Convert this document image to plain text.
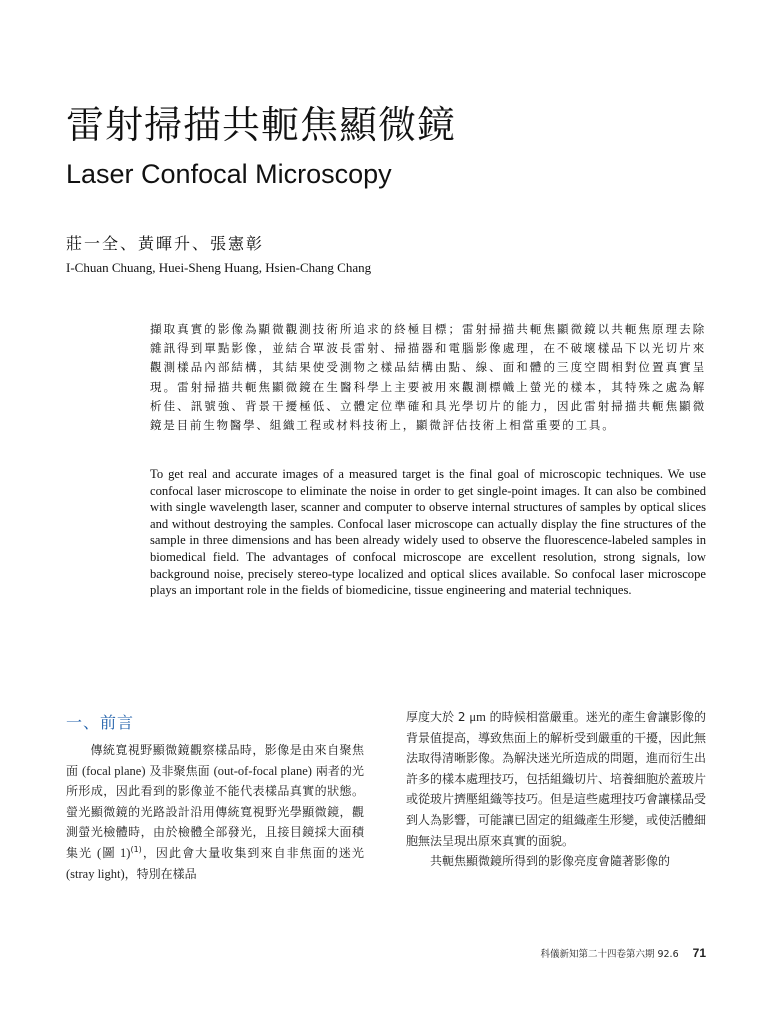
雷射掃描共軛焦顯微鏡
Laser Confocal Microscopy
莊一全、黃暉升、張憲彰
I-Chuan Chuang, Huei-Sheng Huang, Hsien-Chang Chang

擷取真實的影像為顯微觀測技術所追求的終極目標；雷射掃描共軛焦顯微鏡以共軛焦原理去除雜訊得到單點影像，並結合單波長雷射、掃描器和電腦影像處理，在不破壞樣品下以光切片來觀測樣品內部結構，其結果使受測物之樣品結構由點、線、面和體的三度空間相對位置真實呈現。雷射掃描共軛焦顯微鏡在生醫科學上主要被用來觀測標幟上螢光的樣本，其特殊之處為解析佳、訊號強、背景干擾極低、立體定位準確和具光學切片的能力，因此雷射掃描共軛焦顯微鏡是目前生物醫學、組織工程或材料技術上，顯微評估技術上相當重要的工具。

To get real and accurate images of a measured target is the final goal of microscopic techniques. We use confocal laser microscope to eliminate the noise in order to get single-point images. It can also be combined with single wavelength laser, scanner and computer to observe internal structures of samples by optical slices and without destroying the samples. Confocal laser microscope can actually display the fine structures of the sample in three dimensions and has been already widely used to observe the fluorescence-labeled samples in biomedical field. The advantages of confocal microscope are excellent resolution, strong signals, low background noise, precisely stereo-type localized and optical slices available. So confocal laser microscope plays an important role in the fields of biomedicine, tissue engineering and material techniques.

一、前言

傳統寬視野顯微鏡觀察樣品時，影像是由來自聚焦面 (focal plane) 及非聚焦面 (out-of-focal plane) 兩者的光所形成，因此看到的影像並不能代表樣品真實的狀態。螢光顯微鏡的光路設計沿用傳統寬視野光學顯微鏡，觀測螢光檢體時，由於檢體全部發光，且接目鏡採大面積集光 (圖 1)$^{(1)}$，因此會大量收集到來自非焦面的迷光 (stray light)，特別在樣品

厚度大於 2 μm 的時候相當嚴重。迷光的產生會讓影像的背景值提高，導致焦面上的解析受到嚴重的干擾，因此無法取得清晰影像。為解決迷光所造成的問題，進而衍生出許多的樣本處理技巧，包括組織切片、培養細胞於蓋玻片或從玻片擠壓組織等技巧。但是這些處理技巧會讓樣品受到人為影響，可能讓已固定的組織產生形變，或使活體細胞無法呈現出原來真實的面貌。

共軛焦顯微鏡所得到的影像亮度會隨著影像的

科儀新知第二十四卷第六期 92.6 71
